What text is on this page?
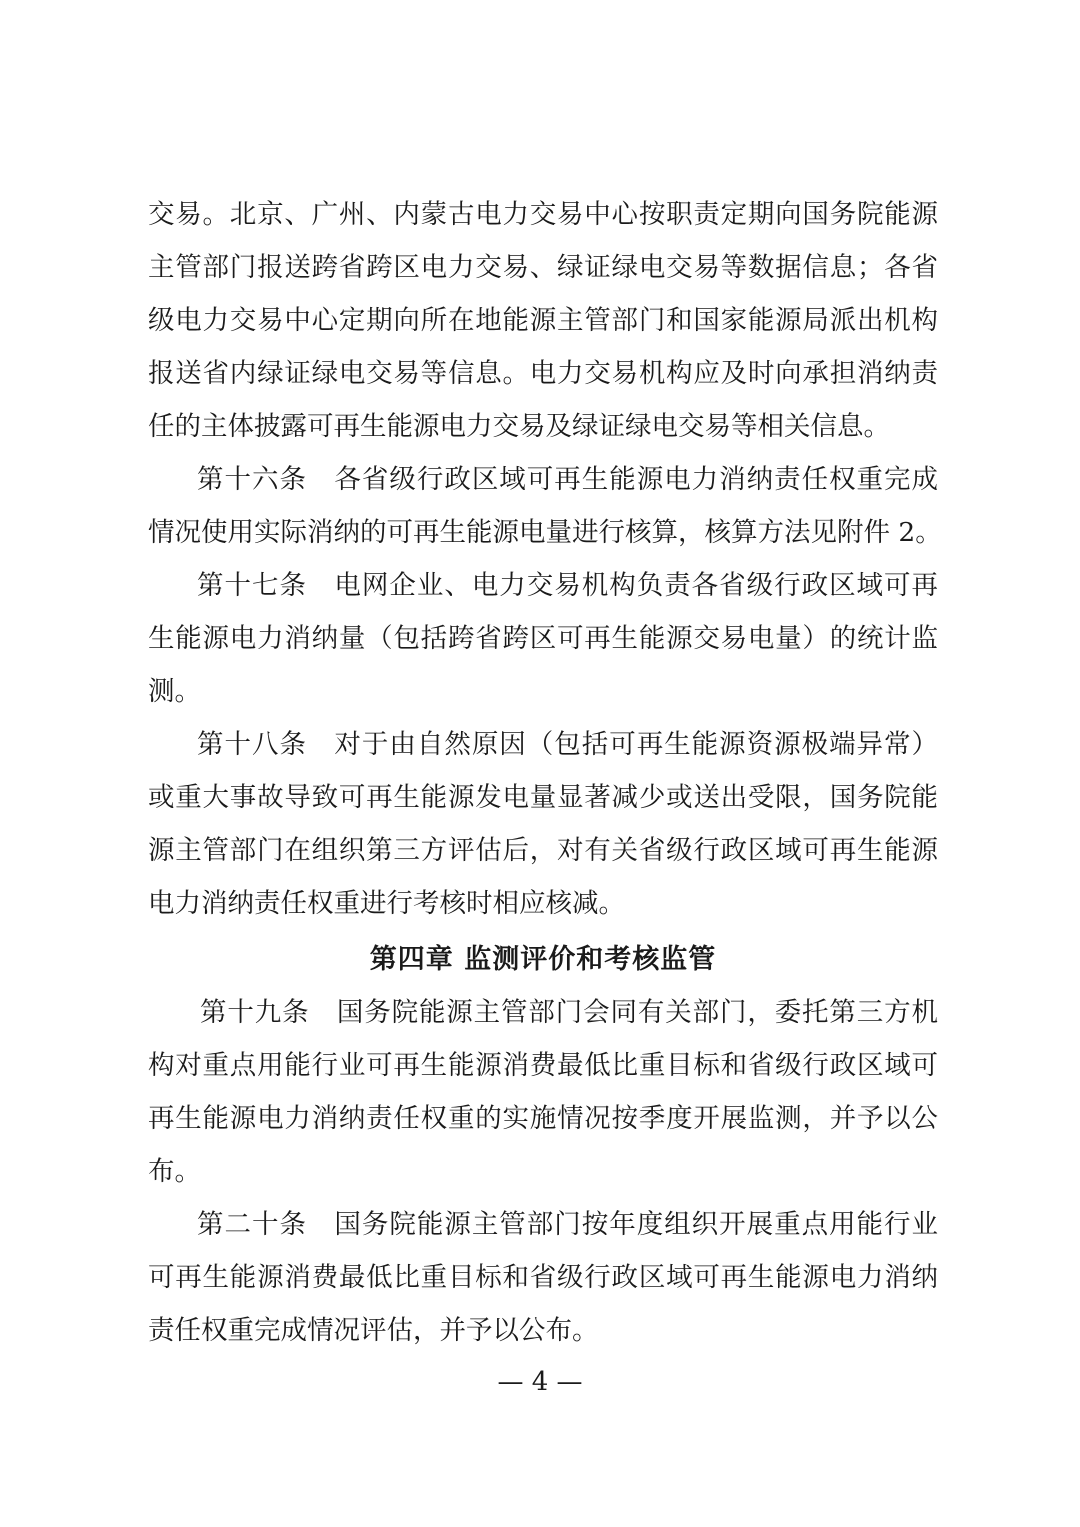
交易。北京、广州、内蒙古电力交易中心按职责定期向国务院能源
主管部门报送跨省跨区电力交易、绿证绿电交易等数据信息；各省
级电力交易中心定期向所在地能源主管部门和国家能源局派出机构
报送省内绿证绿电交易等信息。电力交易机构应及时向承担消纳责
任的主体披露可再生能源电力交易及绿证绿电交易等相关信息。
第十六条　 各省级行政区域可再生能源电力消纳责任权重完成
情况使用实际消纳的可再生能源电量进行核算，核算方法见附件 2。
第十七条　 电网企业、电力交易机构负责各省级行政区域可再
生能源电力消纳量（包括跨省跨区可再生能源交易电量）的统计监
测。
第十八条　 对于由自然原因（包括可再生能源资源极端异常）
或重大事故导致可再生能源发电量显著减少或送出受限，国务院能
源主管部门在组织第三方评估后，对有关省级行政区域可再生能源
电力消纳责任权重进行考核时相应核减。
第四章 监测评价和考核监管
第十九条　 国务院能源主管部门会同有关部门，委托第三方机
构对重点用能行业可再生能源消费最低比重目标和省级行政区域可
再生能源电力消纳责任权重的实施情况按季度开展监测，并予以公
布。
第二十条　 国务院能源主管部门按年度组织开展重点用能行业
可再生能源消费最低比重目标和省级行政区域可再生能源电力消纳
责任权重完成情况评估，并予以公布。
— 4 —
